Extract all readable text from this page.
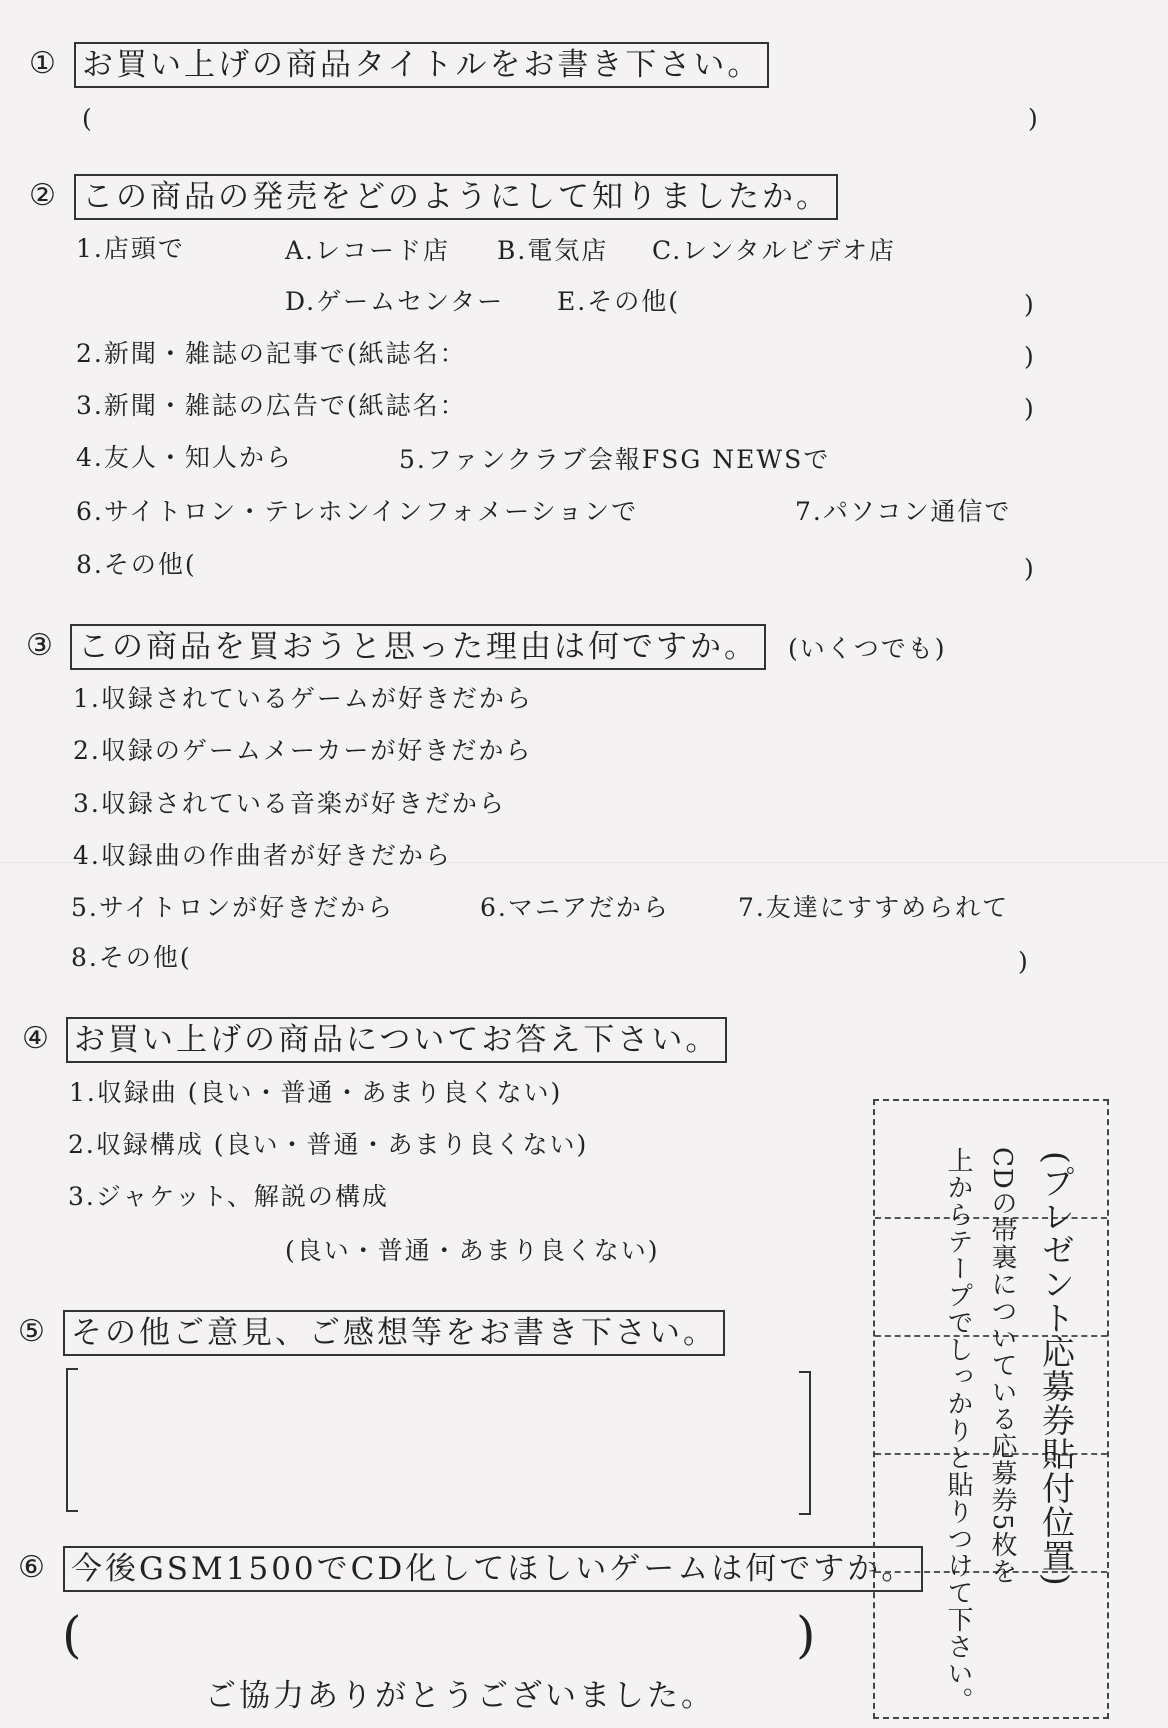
① お買い上げの商品タイトルをお書き下さい。
(	)
② この商品の発売をどのようにして知りましたか。
1.店頭で	A.レコード店 B.電気店 C.レンタルビデオ店
D.ゲームセンター E.その他(	)
2.新聞・雑誌の記事で(紙誌名：	)
3.新聞・雑誌の広告で(紙誌名：	)
4.友人・知人から	5.ファンクラブ会報FSG NEWSで
6.サイトロン・テレホンインフォメーションで	7.パソコン通信で
8.その他(	)
③ この商品を買おうと思った理由は何ですか。	(いくつでも)
1.収録されているゲームが好きだから
2.収録のゲームメーカーが好きだから
3.収録されている音楽が好きだから
4.収録曲の作曲者が好きだから
5.サイトロンが好きだから	6.マニアだから	7.友達にすすめられて
8.その他(	)
④ お買い上げの商品についてお答え下さい。
1.収録曲 (良い・普通・あまり良くない)
2.収録構成 (良い・普通・あまり良くない)
3.ジャケット、解説の構成
(良い・普通・あまり良くない)
⑤ その他ご意見、ご感想等をお書き下さい。
⑥ 今後GSM1500でCD化してほしいゲームは何ですか。
(	)
(プレゼント応募券貼付位置)
CDの帯裏についている応募券5枚を
上からテープでしっかりと貼りつけて下さい。
ご協力ありがとうございました。
